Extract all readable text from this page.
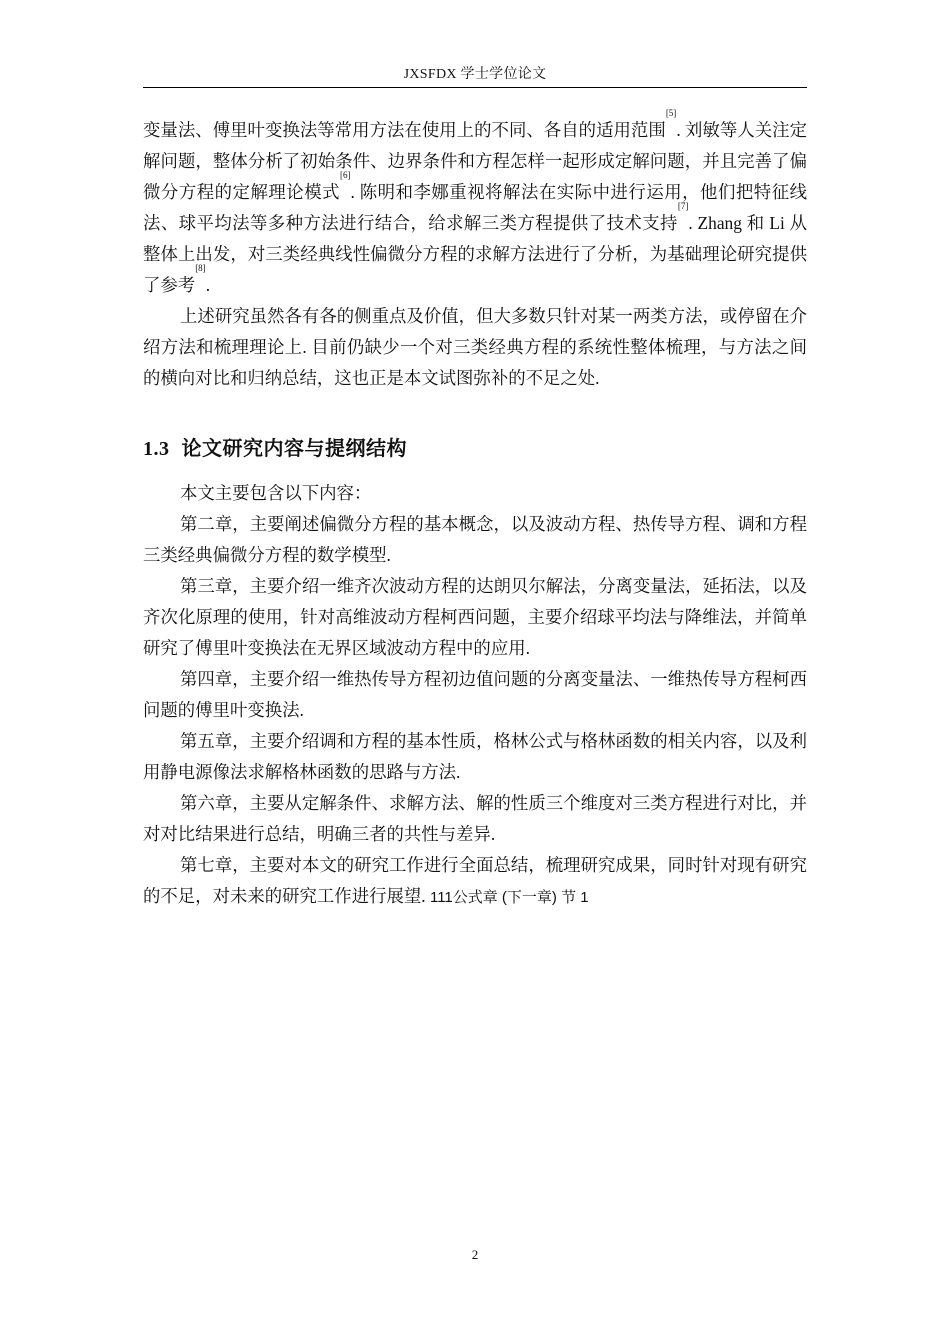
JXSFDX 学士学位论文

变量法、傅里叶变换法等常用方法在使用上的不同、各自的适用范围[5]. 刘敏等人关注定解问题，整体分析了初始条件、边界条件和方程怎样一起形成定解问题，并且完善了偏微分方程的定解理论模式[6]. 陈明和李娜重视将解法在实际中进行运用，他们把特征线法、球平均法等多种方法进行结合，给求解三类方程提供了技术支持[7]. Zhang 和 Li 从整体上出发，对三类经典线性偏微分方程的求解方法进行了分析，为基础理论研究提供了参考[8].

上述研究虽然各有各的侧重点及价值，但大多数只针对某一两类方法，或停留在介绍方法和梳理理论上. 目前仍缺少一个对三类经典方程的系统性整体梳理，与方法之间的横向对比和归纳总结，这也正是本文试图弥补的不足之处.

1.3 论文研究内容与提纲结构

本文主要包含以下内容：

第二章，主要阐述偏微分方程的基本概念，以及波动方程、热传导方程、调和方程三类经典偏微分方程的数学模型.

第三章，主要介绍一维齐次波动方程的达朗贝尔解法，分离变量法，延拓法，以及齐次化原理的使用，针对高维波动方程柯西问题，主要介绍球平均法与降维法，并简单研究了傅里叶变换法在无界区域波动方程中的应用.

第四章，主要介绍一维热传导方程初边值问题的分离变量法、一维热传导方程柯西问题的傅里叶变换法.

第五章，主要介绍调和方程的基本性质，格林公式与格林函数的相关内容，以及利用静电源像法求解格林函数的思路与方法.

第六章，主要从定解条件、求解方法、解的性质三个维度对三类方程进行对比，并对对比结果进行总结，明确三者的共性与差异.

第七章，主要对本文的研究工作进行全面总结，梳理研究成果，同时针对现有研究的不足，对未来的研究工作进行展望. 111公式章 (下一章) 节 1

2
